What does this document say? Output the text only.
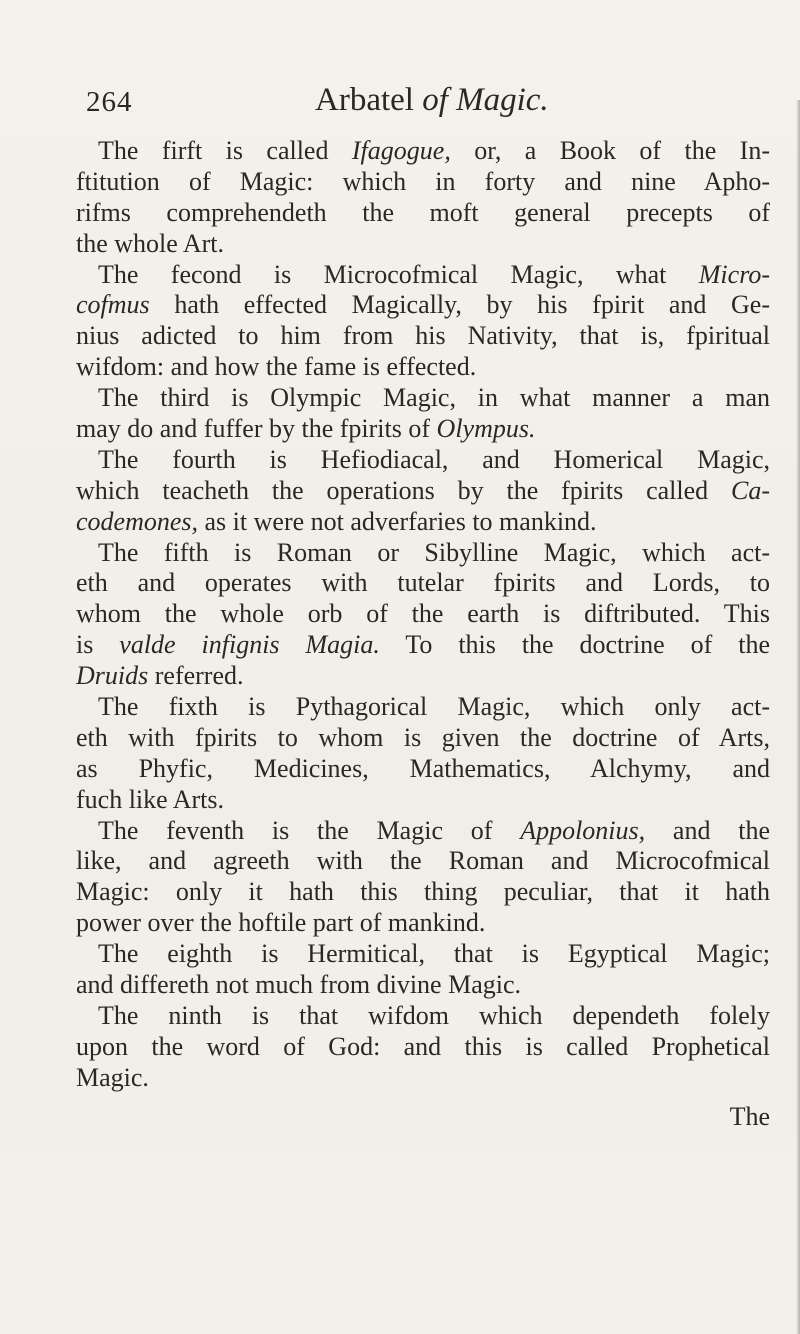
264	Arbatel of Magic.
The firft is called Ifagogue, or, a Book of the In-
ftitution of Magic: which in forty and nine Apho-
rifms comprehendeth the moft general precepts of
the whole Art.
The fecond is Microcofmical Magic, what Micro-
cofmus hath effected Magically, by his fpirit and Ge-
nius adicted to him from his Nativity, that is, fpiritual
wifdom: and how the fame is effected.
The third is Olympic Magic, in what manner a man
may do and fuffer by the fpirits of Olympus.
The fourth is Hefiodiacal, and Homerical Magic,
which teacheth the operations by the fpirits called Ca-
codemones, as it were not adverfaries to mankind.
The fifth is Roman or Sibylline Magic, which act-
eth and operates with tutelar fpirits and Lords, to
whom the whole orb of the earth is diftributed. This
is valde infignis Magia. To this the doctrine of the
Druids referred.
The fixth is Pythagorical Magic, which only act-
eth with fpirits to whom is given the doctrine of Arts,
as Phyfic, Medicines, Mathematics, Alchymy, and
fuch like Arts.
The feventh is the Magic of Appolonius, and the
like, and agreeth with the Roman and Microcofmical
Magic: only it hath this thing peculiar, that it hath
power over the hoftile part of mankind.
The eighth is Hermitical, that is Egyptical Magic;
and differeth not much from divine Magic.
The ninth is that wifdom which dependeth folely
upon the word of God: and this is called Prophetical
Magic.
The
